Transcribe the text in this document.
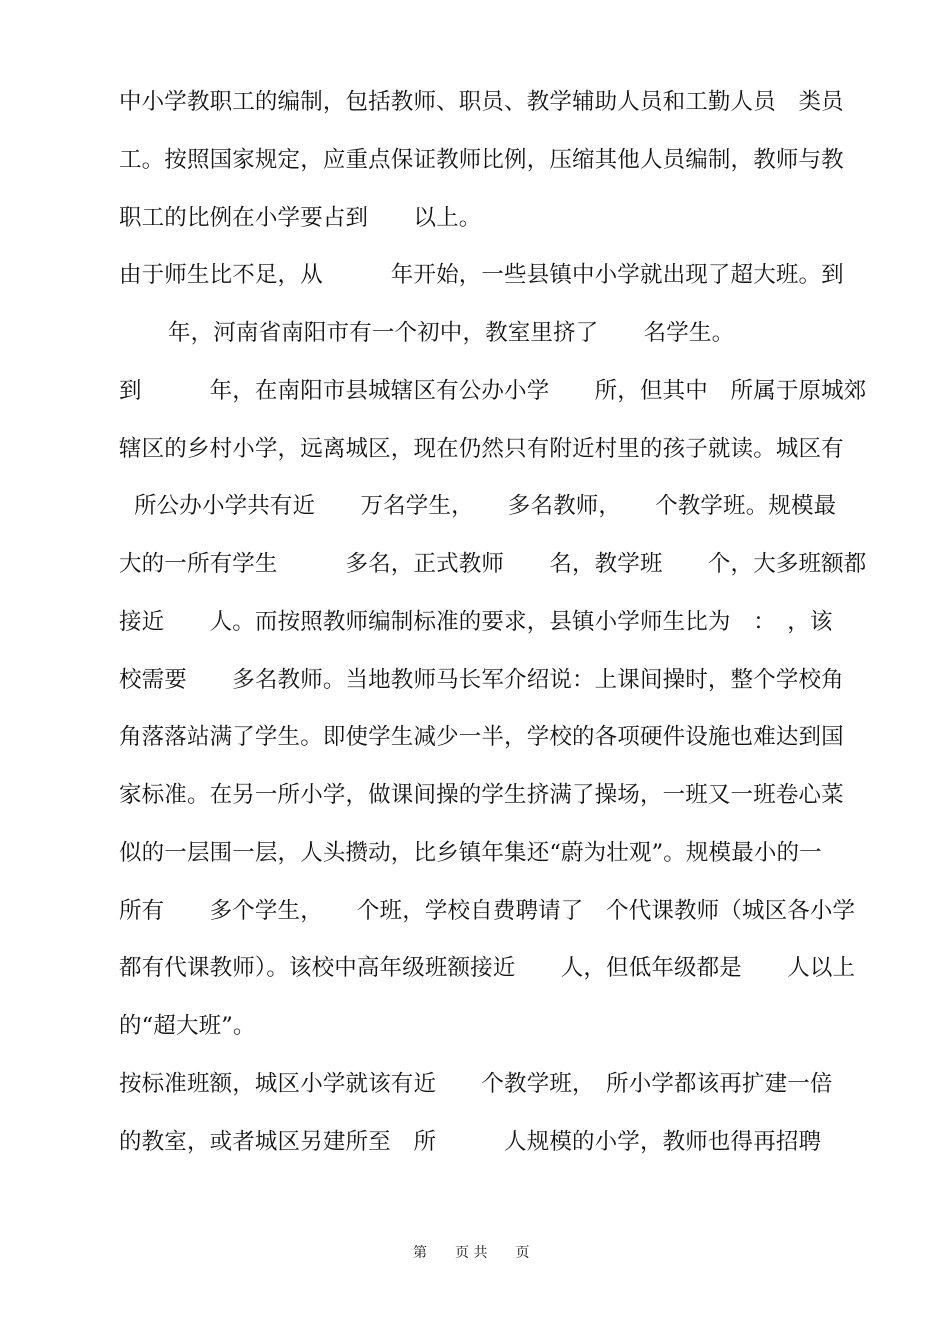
中小学教职工的编制，包括教师、职员、教学辅助人员和工勤人员　类员
工。按照国家规定，应重点保证教师比例，压缩其他人员编制，教师与教
职工的比例在小学要占到　　以上。
由于师生比不足，从　　　年开始，一些县镇中小学就出现了超大班。到
年，河南省南阳市有一个初中，教室里挤了　　名学生。
到　　　年，在南阳市县城辖区有公办小学　　所，但其中　所属于原城郊
辖区的乡村小学，远离城区，现在仍然只有附近村里的孩子就读。城区有
所公办小学共有近　　万名学生，　　多名教师，　　个教学班。规模最
大的一所有学生　　　多名，正式教师　　名，教学班　　个，大多班额都
接近　　人。而按照教师编制标准的要求，县镇小学师生比为　：　，该
校需要　　多名教师。当地教师马长军介绍说：上课间操时，整个学校角
角落落站满了学生。即使学生减少一半，学校的各项硬件设施也难达到国
家标准。在另一所小学，做课间操的学生挤满了操场，一班又一班卷心菜
似的一层围一层，人头攒动，比乡镇年集还“蔚为壮观”。规模最小的一
所有　　多个学生，　　个班，学校自费聘请了　个代课教师（城区各小学
都有代课教师）。该校中高年级班额接近　　人，但低年级都是　　人以上
的“超大班”。
按标准班额，城区小学就该有近　　个教学班，　所小学都该再扩建一倍
的教室，或者城区另建所至　所　　　人规模的小学，教师也得再招聘
第　　页 共　　页
